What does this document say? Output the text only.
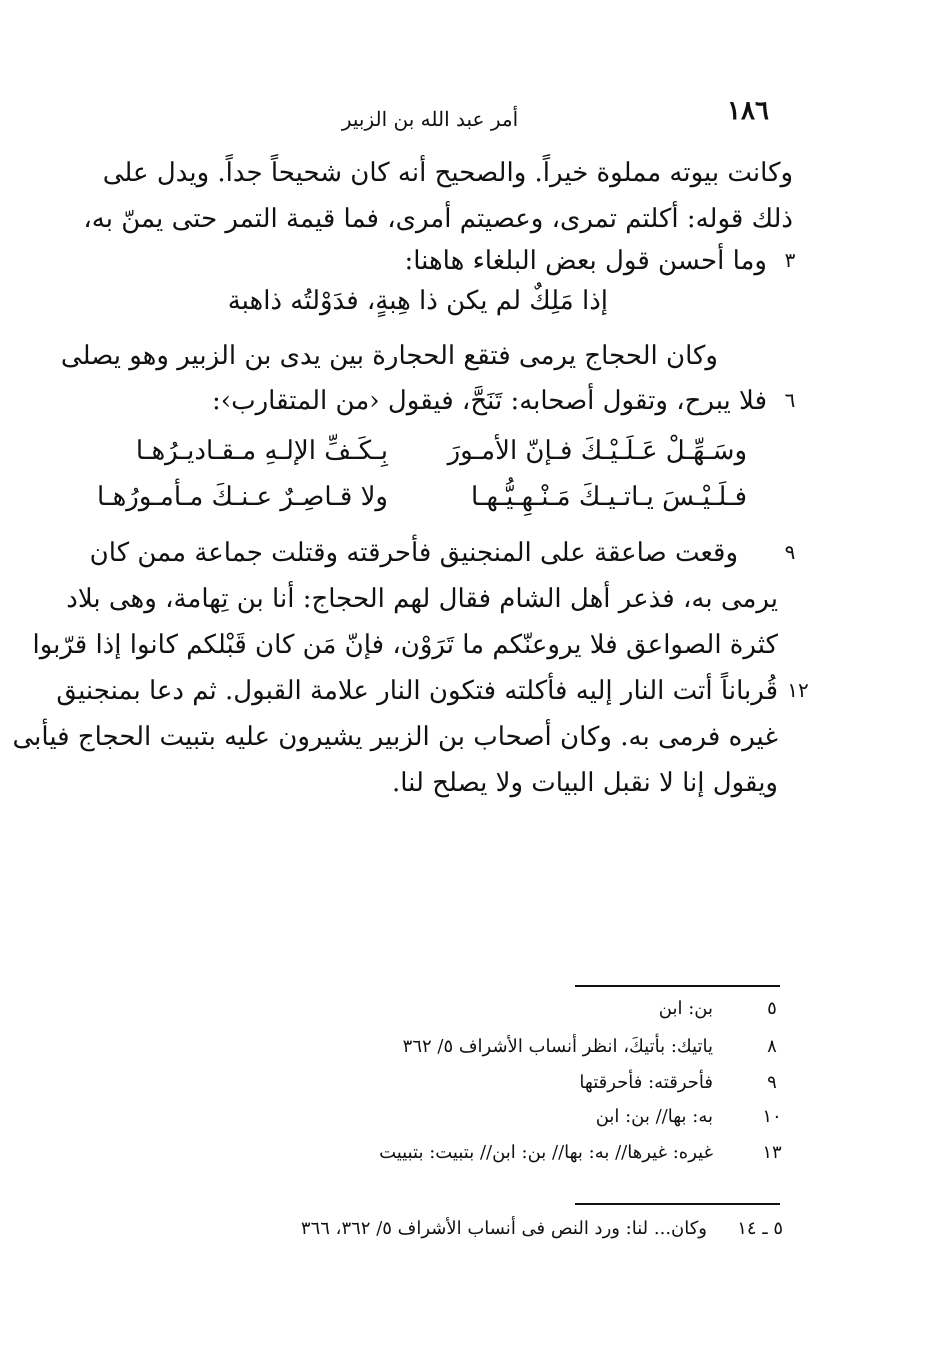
١٨٦
أمر عبد الله بن الزبير
وكانت بيوته مملوة خيراً. والصحيح أنه كان شحيحاً جداً. ويدل على
ذلك قوله: أكلتم تمرى، وعصيتم أمرى، فما قيمة التمر حتى يمنّ به،
٣
وما أحسن قول بعض البلغاء هاهنا:
إذا مَلِكٌ لم يكن ذا هِبةٍ، فدَوْلتُه ذاهبة
وكان الحجاج يرمى فتقع الحجارة بين يدى بن الزبير وهو يصلى
٦
فلا يبرح، وتقول أصحابه: تَنَحَّ، فيقول ‹من المتقارب›:
وسَـهِّـلْ عَـلَـيْـكَ فـإنّ الأمـورَ
بِـكَـفِّ الإلـهِ مـقـاديـرُهـا
فـلَـيْـسَ يـاتـيـكَ مَـنْـهِـيُّـهـا
ولا قـاصِـرٌ عـنـكَ مـأمـورُهـا
٩
وقعت صاعقة على المنجنيق فأحرقته وقتلت جماعة ممن كان
يرمى به، فذعر أهل الشام فقال لهم الحجاج: أنا بن تِهامة، وهى بلاد
كثرة الصواعق فلا يروعنّكم ما تَرَوْن، فإنّ مَن كان قَبْلكم كانوا إذا قرّبوا
١٢
قُرباناً أتت النار إليه فأكلته فتكون النار علامة القبول. ثم دعا بمنجنيق
غيره فرمى به. وكان أصحاب بن الزبير يشيرون عليه بتبيت الحجاج فيأبى
ويقول إنا لا نقبل البيات ولا يصلح لنا.
٥
بن: ابن
٨
ياتيك: بأتيكَ، انظر أنساب الأشراف ٥/ ٣٦٢
٩
فأحرقته: فأحرقتها
١٠
به: بها// بن: ابن
١٣
غيره: غيرها// به: بها// بن: ابن// بتبيت: بتبييت
٥ ـ ١٤
وكان... لنا: ورد النص فى أنساب الأشراف ٥/ ٣٦٢، ٣٦٦
